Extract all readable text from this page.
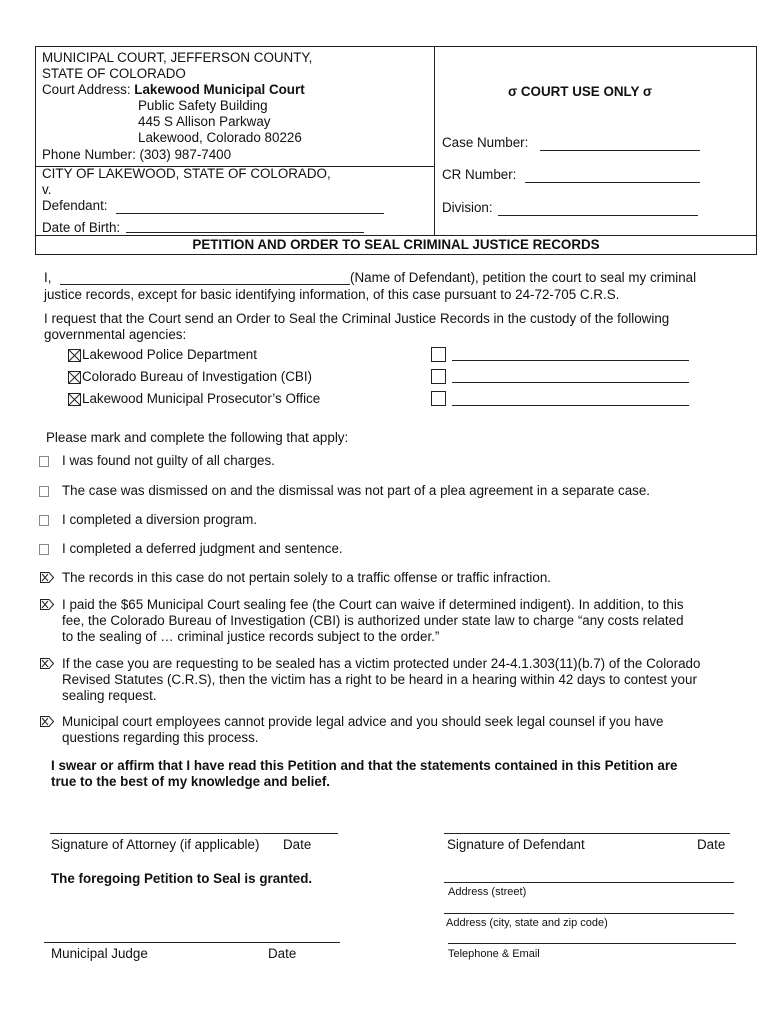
MUNICIPAL COURT, JEFFERSON COUNTY,
STATE OF COLORADO
Court Address: Lakewood Municipal Court
Public Safety Building
445 S Allison Parkway
Lakewood, Colorado 80226
Phone Number: (303) 987-7400
CITY OF LAKEWOOD, STATE OF COLORADO,
v.
Defendant:
Date of Birth:
σ COURT USE ONLY σ
Case Number:
CR Number:
Division:
PETITION AND ORDER TO SEAL CRIMINAL JUSTICE RECORDS
I,	(Name of Defendant), petition the court to seal my criminal
justice records, except for basic identifying information, of this case pursuant to 24-72-705 C.R.S.
I request that the Court send an Order to Seal the Criminal Justice Records in the custody of the following
governmental agencies:
Lakewood Police Department
Colorado Bureau of Investigation (CBI)
Lakewood Municipal Prosecutor’s Office
Please mark and complete the following that apply:
I was found not guilty of all charges.
The case was dismissed on and the dismissal was not part of a plea agreement in a separate case.
I completed a diversion program.
I completed a deferred judgment and sentence.
The records in this case do not pertain solely to a traffic offense or traffic infraction.
I paid the $65 Municipal Court sealing fee (the Court can waive if determined indigent). In addition, to this
fee, the Colorado Bureau of Investigation (CBI) is authorized under state law to charge “any costs related
to the sealing of … criminal justice records subject to the order.”
If the case you are requesting to be sealed has a victim protected under 24-4.1.303(11)(b.7) of the Colorado
Revised Statutes (C.R.S), then the victim has a right to be heard in a hearing within 42 days to contest your
sealing request.
Municipal court employees cannot provide legal advice and you should seek legal counsel if you have
questions regarding this process.
I swear or affirm that I have read this Petition and that the statements contained in this Petition are
true to the best of my knowledge and belief.
Signature of Attorney (if applicable) Date	Signature of Defendant	Date
The foregoing Petition to Seal is granted.
Address (street)
Address (city, state and zip code)
Telephone & Email
Municipal Judge	Date
